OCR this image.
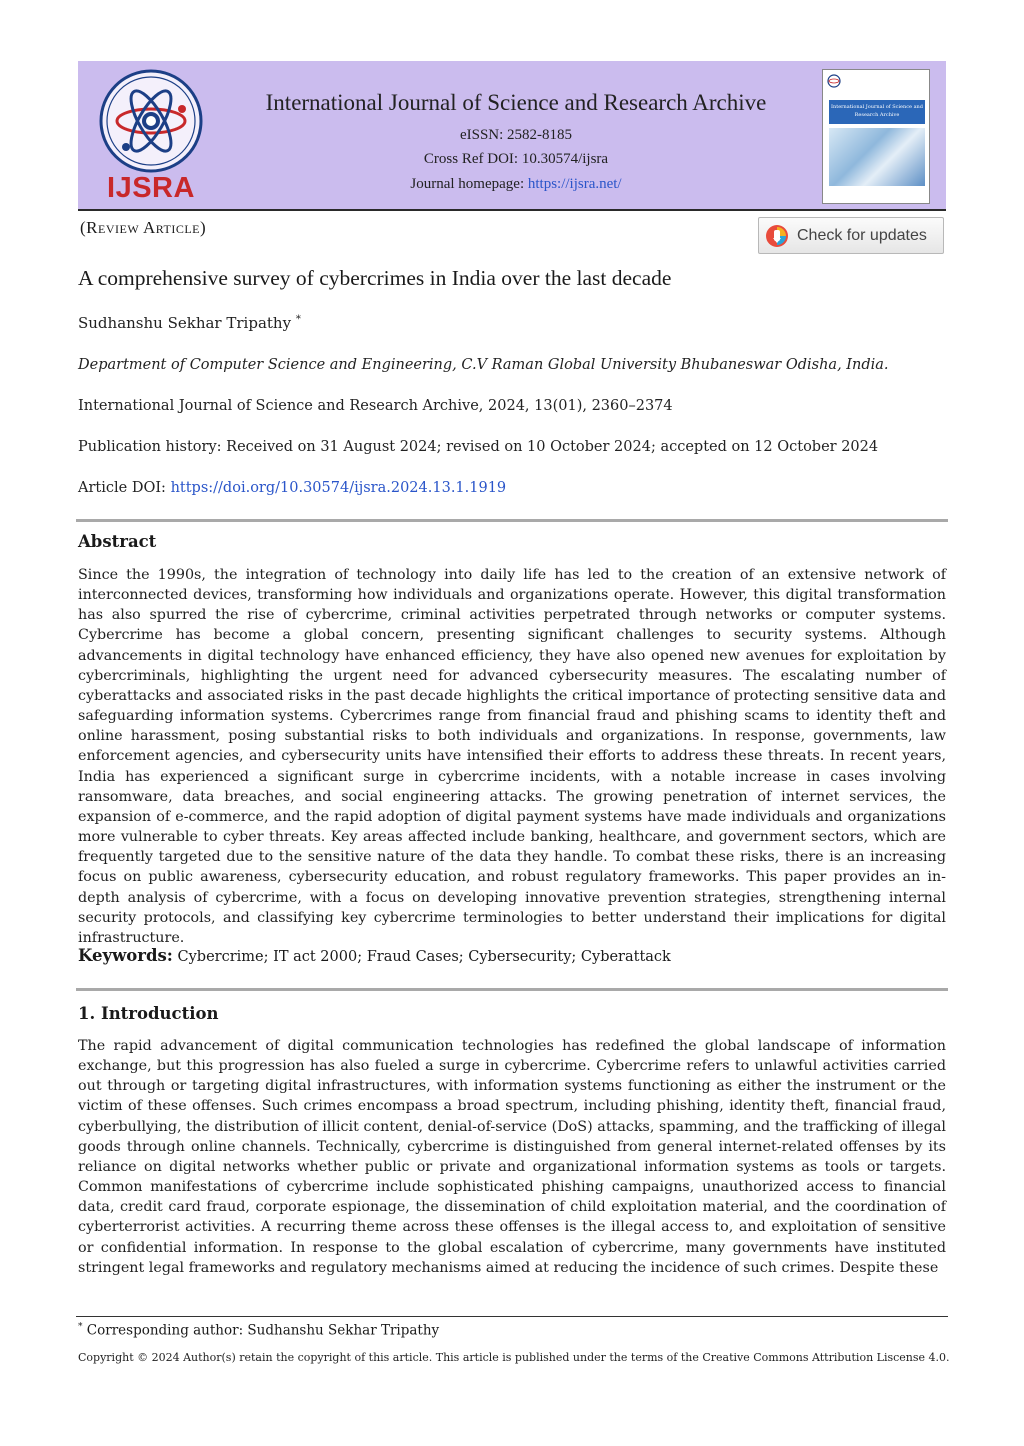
IJSRA
International Journal of Science and Research Archive
eISSN: 2582-8185
Cross Ref DOI: 10.30574/ijsra
Journal homepage: https://ijsra.net/
International Journal of Science and Research Archive
(Review Article)	Check for updates
A comprehensive survey of cybercrimes in India over the last decade
Sudhanshu Sekhar Tripathy *
Department of Computer Science and Engineering, C.V Raman Global University Bhubaneswar Odisha, India.
International Journal of Science and Research Archive, 2024, 13(01), 2360–2374
Publication history: Received on 31 August 2024; revised on 10 October 2024; accepted on 12 October 2024
Article DOI: https://doi.org/10.30574/ijsra.2024.13.1.1919
Abstract

Since the 1990s, the integration of technology into daily life has led to the creation of an extensive network of interconnected devices, transforming how individuals and organizations operate. However, this digital transformation has also spurred the rise of cybercrime, criminal activities perpetrated through networks or computer systems. Cybercrime has become a global concern, presenting significant challenges to security systems. Although advancements in digital technology have enhanced efficiency, they have also opened new avenues for exploitation by cybercriminals, highlighting the urgent need for advanced cybersecurity measures. The escalating number of cyberattacks and associated risks in the past decade highlights the critical importance of protecting sensitive data and safeguarding information systems. Cybercrimes range from financial fraud and phishing scams to identity theft and online harassment, posing substantial risks to both individuals and organizations. In response, governments, law enforcement agencies, and cybersecurity units have intensified their efforts to address these threats. In recent years, India has experienced a significant surge in cybercrime incidents, with a notable increase in cases involving ransomware, data breaches, and social engineering attacks. The growing penetration of internet services, the expansion of e-commerce, and the rapid adoption of digital payment systems have made individuals and organizations more vulnerable to cyber threats. Key areas affected include banking, healthcare, and government sectors, which are frequently targeted due to the sensitive nature of the data they handle. To combat these risks, there is an increasing focus on public awareness, cybersecurity education, and robust regulatory frameworks. This paper provides an in-depth analysis of cybercrime, with a focus on developing innovative prevention strategies, strengthening internal security protocols, and classifying key cybercrime terminologies to better understand their implications for digital infrastructure.

Keywords: Cybercrime; IT act 2000; Fraud Cases; Cybersecurity; Cyberattack
1. Introduction

The rapid advancement of digital communication technologies has redefined the global landscape of information exchange, but this progression has also fueled a surge in cybercrime. Cybercrime refers to unlawful activities carried out through or targeting digital infrastructures, with information systems functioning as either the instrument or the victim of these offenses. Such crimes encompass a broad spectrum, including phishing, identity theft, financial fraud, cyberbullying, the distribution of illicit content, denial-of-service (DoS) attacks, spamming, and the trafficking of illegal goods through online channels. Technically, cybercrime is distinguished from general internet-related offenses by its reliance on digital networks whether public or private and organizational information systems as tools or targets. Common manifestations of cybercrime include sophisticated phishing campaigns, unauthorized access to financial data, credit card fraud, corporate espionage, the dissemination of child exploitation material, and the coordination of cyberterrorist activities. A recurring theme across these offenses is the illegal access to, and exploitation of sensitive or confidential information. In response to the global escalation of cybercrime, many governments have instituted stringent legal frameworks and regulatory mechanisms aimed at reducing the incidence of such crimes. Despite these

* Corresponding author: Sudhanshu Sekhar Tripathy
Copyright © 2024 Author(s) retain the copyright of this article. This article is published under the terms of the Creative Commons Attribution Liscense 4.0.
